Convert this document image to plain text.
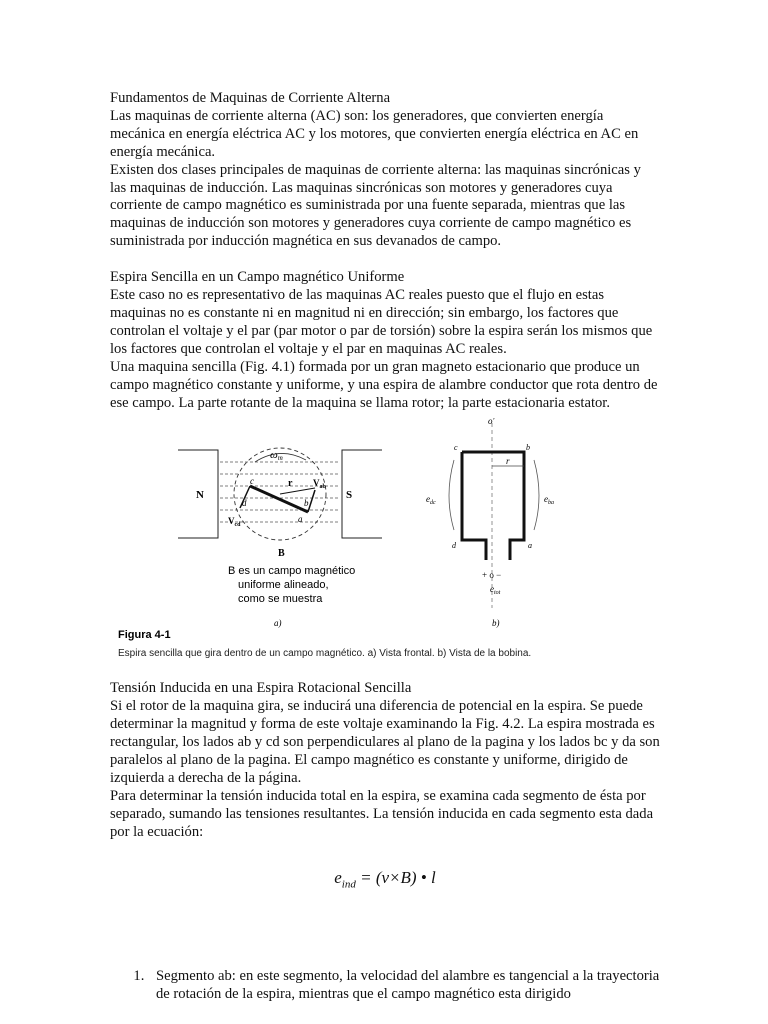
Fundamentos de Maquinas de Corriente Alterna

Las maquinas de corriente alterna (AC) son: los generadores, que convierten energía mecánica en energía eléctrica AC y los motores, que convierten energía eléctrica en AC en energía mecánica.

Existen dos clases principales de maquinas de corriente alterna: las maquinas sincrónicas y las maquinas de inducción. Las maquinas sincrónicas son motores y generadores cuya corriente de campo magnético es suministrada por una fuente separada, mientras que las maquinas de inducción son motores y generadores cuya corriente de campo magnético es suministrada por inducción magnética en sus devanados de campo.

Espira Sencilla en un Campo magnético Uniforme

Este caso no es representativo de las maquinas AC reales puesto que el flujo en estas maquinas no es constante ni en magnitud ni en dirección; sin embargo, los factores que controlan el voltaje y el par (par motor o par de torsión) sobre la espira serán los mismos que los factores que controlan el voltaje y el par en maquinas AC reales.

Una maquina sencilla (Fig. 4.1) formada por un gran magneto estacionario que produce un campo magnético constante y uniforme, y una espira de alambre conductor que rota dentro de ese campo. La parte rotante de la maquina se llama rotor; la parte estacionaria estator.

N	S
ωm
r
c
d	b
a
$V_{ab}$
$V_{cd}$
B
B es un campo magnético
uniforme alineado,
como se muestra
a)
o'
r
c	b
d	a
$e_{dc}$	$e_{ba}$
+ o −
$e_{tot}$
b)
Figura 4-1
Espira sencilla que gira dentro de un campo magnético. a) Vista frontal. b) Vista de la bobina.

Tensión Inducida en una Espira Rotacional Sencilla

Si el rotor de la maquina gira, se inducirá una diferencia de potencial en la espira. Se puede determinar la magnitud y forma de este voltaje examinando la Fig. 4.2. La espira mostrada es rectangular, los lados ab y cd son perpendiculares al plano de la pagina y los lados bc y da son paralelos al plano de la pagina. El campo magnético es constante y uniforme, dirigido de izquierda a derecha de la página.

Para determinar la tensión inducida total en la espira, se examina cada segmento de ésta por separado, sumando las tensiones resultantes. La tensión inducida en cada segmento esta dada por la ecuación:

$e_{ind} = (v\times B)$ • l
1. Segmento ab: en este segmento, la velocidad del alambre es tangencial a la trayectoria de rotación de la espira, mientras que el campo magnético esta dirigido
